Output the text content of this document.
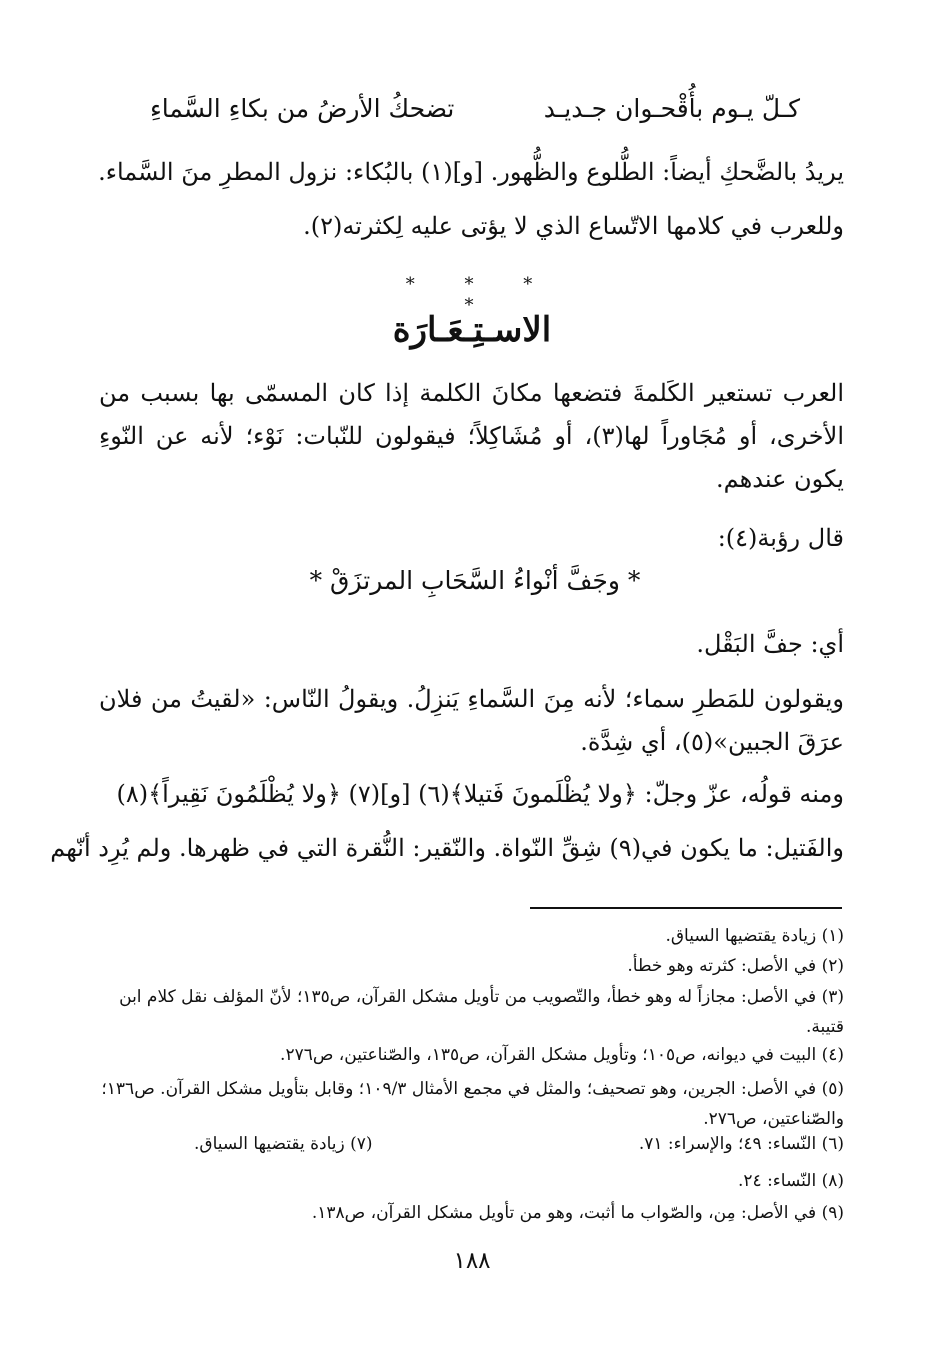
كـلّ يـوم بأُقْحـوان جـديـد
تضحكُ الأرضُ من بكاءِ السَّماءِ
يريدُ بالضَّحكِ أيضاً: الطُّلوع والظُّهور. [و](١) بالبُكاء: نزول المطرِ منَ السَّماء.
وللعرب في كلامها الاتّساع الذي لا يؤتى عليه لِكثرته(٢).
* * * *
الاسـتِـعَـارَة
العرب تستعير الكَلمةَ فتضعها مكانَ الكلمة إذا كان المسمّى بها بسبب من الأخرى، أو مُجَاوراً لها(٣)، أو مُشَاكِلاً؛ فيقولون للنّبات: نَوْء؛ لأنه عن النّوءِ يكون عندهم.
قال رؤبة(٤):
* وجَفَّ أنْواءُ السَّحَابِ المرتزَقْ *
أي: جفَّ البَقْل.
ويقولون للمَطرِ سماء؛ لأنه مِنَ السَّماءِ يَنزِلُ. ويقولُ النّاس: «لقيتُ من فلان عرَقَ الجبين»(٥)، أي شِدَّة.
ومنه قولُه، عزّ وجلّ: ﴿ولا يُظْلَمونَ فَتيلا﴾(٦) [و](٧) ﴿ولا يُظْلَمُونَ نَقِيراً﴾(٨)
والفَتيل: ما يكون في(٩) شِقِّ النّواة. والنّقير: النُّقرة التي في ظهرها. ولم يُرِد أنّهم
(١) زيادة يقتضيها السياق.
(٢) في الأصل: كثرته وهو خطأ.
(٣) في الأصل: مجازاً له وهو خطأ، والتّصويب من تأويل مشكل القرآن، ص١٣٥؛ لأنّ المؤلف نقل كلام ابن قتيبة.
(٤) البيت في ديوانه، ص١٠٥؛ وتأويل مشكل القرآن، ص١٣٥، والصّناعتين، ص٢٧٦.
(٥) في الأصل: الجرين، وهو تصحيف؛ والمثل في مجمع الأمثال ١٠٩/٣؛ وقابل بتأويل مشكل القرآن. ص١٣٦؛ والصّناعتين، ص٢٧٦.
(٦) النّساء: ٤٩؛ والإسراء: ٧١.
(٧) زيادة يقتضيها السياق.
(٨) النّساء: ٢٤.
(٩) في الأصل: مِن، والصّواب ما أثبت، وهو من تأويل مشكل القرآن، ص١٣٨.
١٨٨
